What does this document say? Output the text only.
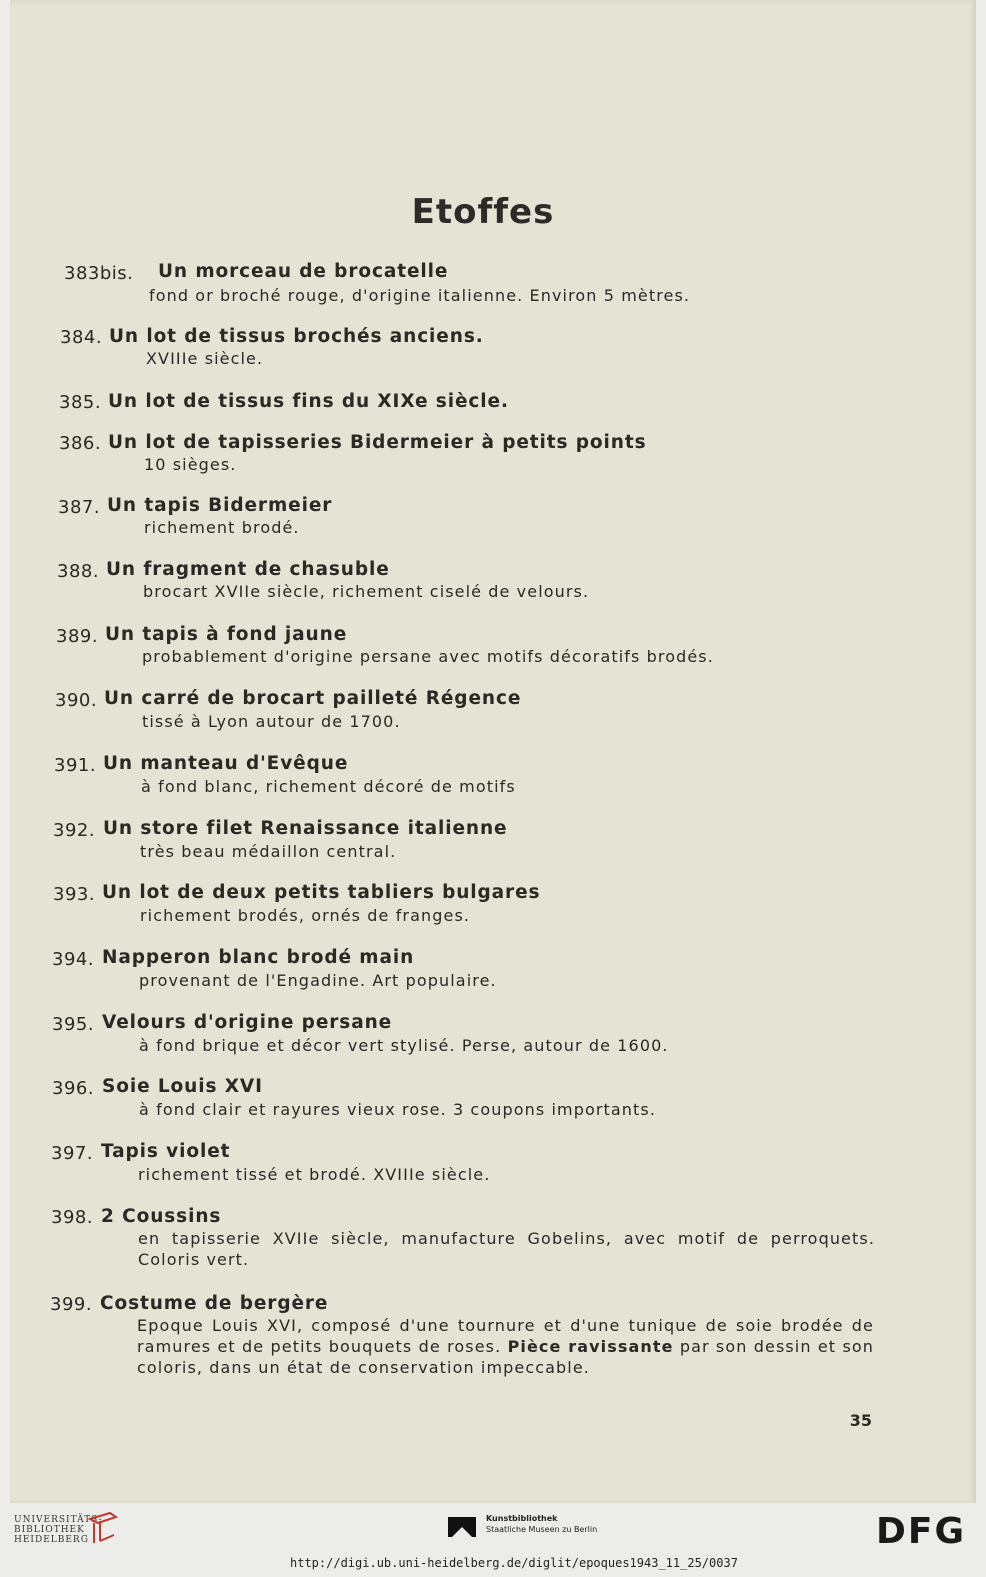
Etoffes
383bis. Un morceau de brocatelle
fond or broché rouge, d'origine italienne. Environ 5 mètres.
384. Un lot de tissus brochés anciens.
XVIIIe siècle.
385. Un lot de tissus fins du XIXe siècle.
386. Un lot de tapisseries Bidermeier à petits points
10 sièges.
387. Un tapis Bidermeier
richement brodé.
388. Un fragment de chasuble
brocart XVIIe siècle, richement ciselé de velours.
389. Un tapis à fond jaune
probablement d'origine persane avec motifs décoratifs brodés.
390. Un carré de brocart pailleté Régence
tissé à Lyon autour de 1700.
391. Un manteau d'Evêque
à fond blanc, richement décoré de motifs
392. Un store filet Renaissance italienne
très beau médaillon central.
393. Un lot de deux petits tabliers bulgares
richement brodés, ornés de franges.
394. Napperon blanc brodé main
provenant de l'Engadine. Art populaire.
395. Velours d'origine persane
à fond brique et décor vert stylisé. Perse, autour de 1600.
396. Soie Louis XVI
à fond clair et rayures vieux rose. 3 coupons importants.
397. Tapis violet
richement tissé et brodé. XVIIIe siècle.
398. 2 Coussins
en tapisserie XVIIe siècle, manufacture Gobelins, avec motif de perroquets. Coloris vert.
399. Costume de bergère
Epoque Louis XVI, composé d'une tournure et d'une tunique de soie brodée de ramures et de petits bouquets de roses. Pièce ravissante par son dessin et son coloris, dans un état de conservation impeccable.
35
UNIVERSITÄTS-
BIBLIOTHEK
HEIDELBERG
Kunstbibliothek
Staatliche Museen zu Berlin	DFG
http://digi.ub.uni-heidelberg.de/diglit/epoques1943_11_25/0037
